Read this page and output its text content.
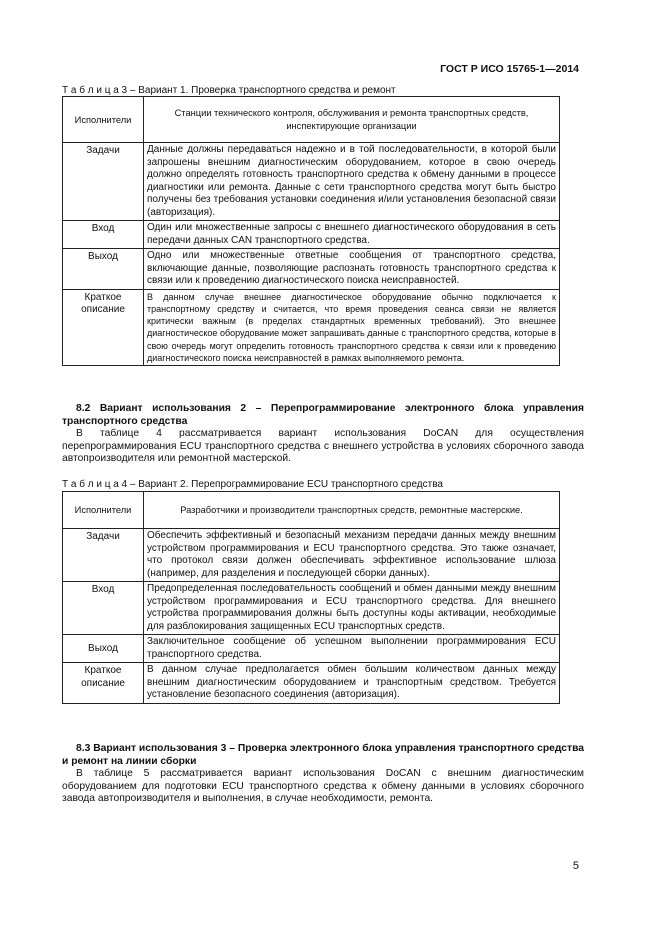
ГОСТ Р ИСО 15765-1—2014
Т а б л и ц а 3 – Вариант 1. Проверка транспортного средства и ремонт
Исполнители	Станции технического контроля, обслуживания и ремонта транспортных средств, инспектирующие организации
Задачи	Данные должны передаваться надежно и в той последовательности, в которой были запрошены внешним диагностическим оборудованием, которое в свою очередь должно определять готовность транспортного средства к обмену данными в процессе диагностики или ремонта. Данные с сети транспортного средства могут быть быстро получены без требования установки соединения и/или установления безопасной связи (авторизация).
Вход	Один или множественные запросы с внешнего диагностического оборудования в сеть передачи данных CAN транспортного средства.
Выход	Одно или множественные ответные сообщения от транспортного средства, включающие данные, позволяющие распознать готовность транспортного средства к связи или к проведению диагностического поиска неисправностей.
Краткое описание	В данном случае внешнее диагностическое оборудование обычно подключается к транспортному средству и считается, что время проведения сеанса связи не является критически важным (в пределах стандартных временных требований). Это внешнее диагностическое оборудование может запрашивать данные с транспортного средства, которые в свою очередь могут определить готовность транспортного средства к связи или к проведению диагностического поиска неисправностей в рамках выполняемого ремонта.
8.2 Вариант использования 2 – Перепрограммирование электронного блока управления транспортного средства
В таблице 4 рассматривается вариант использования DoCAN для осуществления перепрограммирования ECU транспортного средства с внешнего устройства в условиях сборочного завода автопроизводителя или ремонтной мастерской.
Т а б л и ц а 4 – Вариант 2. Перепрограммирование ECU транспортного средства
Исполнители	Разработчики и производители транспортных средств, ремонтные мастерские.
Задачи	Обеспечить эффективный и безопасный механизм передачи данных между внешним устройством программирования и ECU транспортного средства. Это также означает, что протокол связи должен обеспечивать эффективное использование шлюза (например, для разделения и последующей сборки данных).
Вход	Предопределенная последовательность сообщений и обмен данными между внешним устройством программирования и ECU транспортного средства. Для внешнего устройства программирования должны быть доступны коды активации, необходимые для разблокирования защищенных ECU транспортных средств.
Выход	Заключительное сообщение об успешном выполнении программирования ECU транспортного средства.
Краткое описание	В данном случае предполагается обмен большим количеством данных между внешним диагностическим оборудованием и транспортным средством. Требуется установление безопасного соединения (авторизация).
8.3 Вариант использования 3 – Проверка электронного блока управления транспортного средства и ремонт на линии сборки
В таблице 5 рассматривается вариант использования DoCAN с внешним диагностическим оборудованием для подготовки ECU транспортного средства к обмену данными в условиях сборочного завода автопроизводителя и выполнения, в случае необходимости, ремонта.
5
